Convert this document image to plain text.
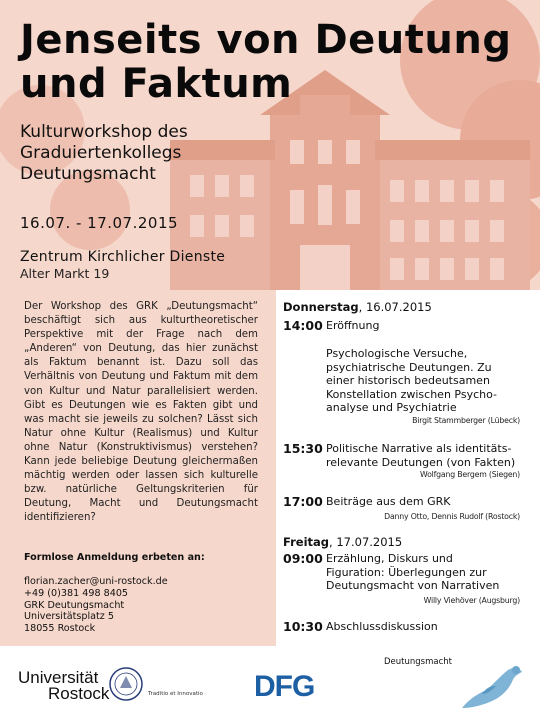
Jenseits von Deutung
und Faktum
Kulturworkshop des
Graduiertenkollegs
Deutungsmacht
16.07. - 17.07.2015
Zentrum Kirchlicher Dienste
Alter Markt 19
Der Workshop des GRK „Deutungsmacht“ beschäftigt sich aus kulturtheoretischer Perspektive mit der Frage nach dem „Anderen“ von Deutung, das hier zunächst als Faktum benannt ist. Dazu soll das Verhältnis von Deutung und Faktum mit dem von Kultur und Natur parallelisiert werden. Gibt es Deutungen wie es Fakten gibt und was macht sie jeweils zu solchen? Lässt sich Natur ohne Kultur (Realismus) und Kultur ohne Natur (Konstruktivismus) verstehen? Kann jede beliebige Deutung gleichermaßen mächtig werden oder lassen sich kulturelle bzw. natürliche Geltungskriterien für Deutung, Macht und Deutungsmacht identifizieren?
Formlose Anmeldung erbeten an:
florian.zacher@uni-rostock.de
+49 (0)381 498 8405
GRK Deutungsmacht
Universitätsplatz 5
18055 Rostock
Donnerstag, 16.07.2015
14:00 Eröffnung
Psychologische Versuche,
psychiatrische Deutungen. Zu
einer historisch bedeutsamen
Konstellation zwischen Psycho-
analyse und Psychiatrie
Birgit Stammberger (Lübeck)
15:30 Politische Narrative als identitäts-
relevante Deutungen (von Fakten)
Wolfgang Bergem (Siegen)
17:00 Beiträge aus dem GRK
Danny Otto, Dennis Rudolf (Rostock)
Freitag, 17.07.2015
09:00 Erzählung, Diskurs und
Figuration: Überlegungen zur
Deutungsmacht von Narrativen
Willy Viehöver (Augsburg)
10:30 Abschlussdiskussion
Universität
Rostock	Traditio et Innovatio DFG
Deutungsmacht
